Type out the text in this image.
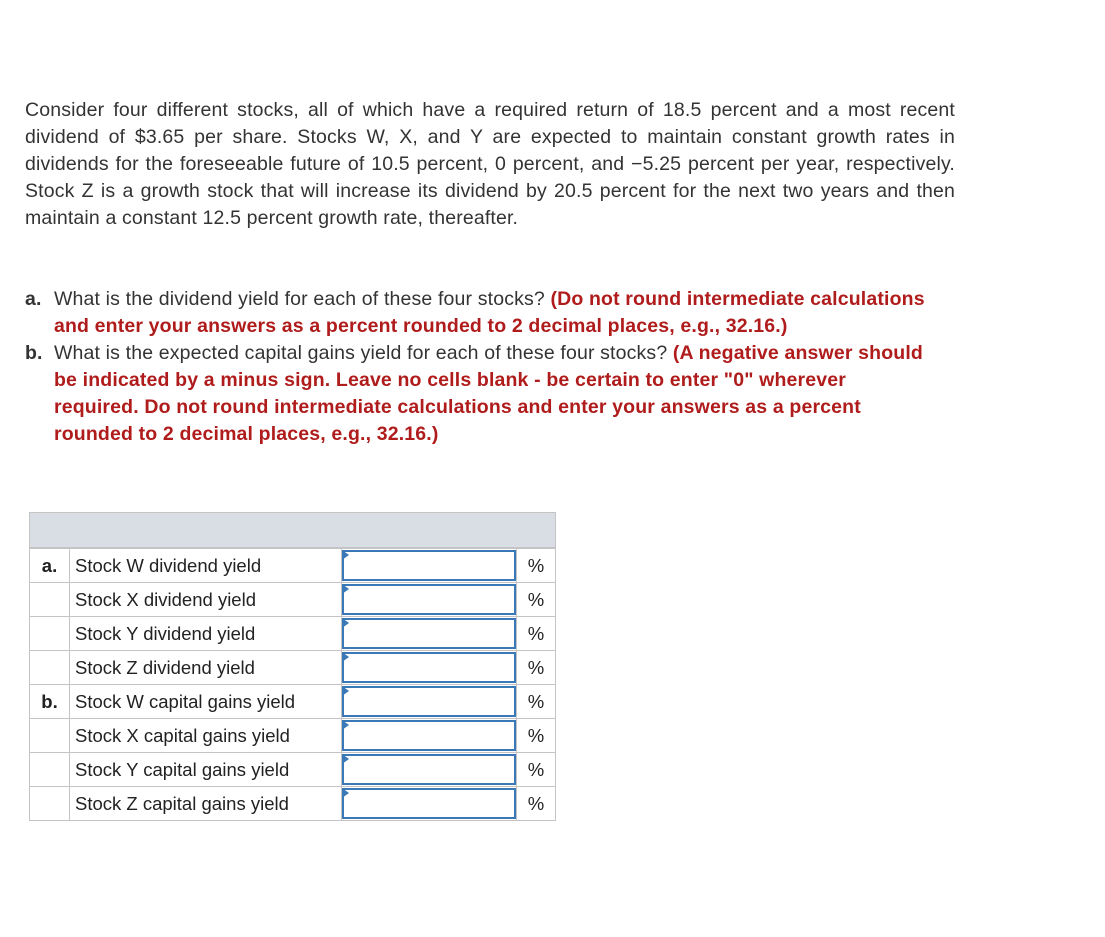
Consider four different stocks, all of which have a required return of 18.5 percent and a most recent dividend of $3.65 per share. Stocks W, X, and Y are expected to maintain constant growth rates in dividends for the foreseeable future of 10.5 percent, 0 percent, and −5.25 percent per year, respectively. Stock Z is a growth stock that will increase its dividend by 20.5 percent for the next two years and then maintain a constant 12.5 percent growth rate, thereafter.
a. What is the dividend yield for each of these four stocks? (Do not round intermediate calculations and enter your answers as a percent rounded to 2 decimal places, e.g., 32.16.)
b. What is the expected capital gains yield for each of these four stocks? (A negative answer should be indicated by a minus sign. Leave no cells blank - be certain to enter "0" wherever required. Do not round intermediate calculations and enter your answers as a percent rounded to 2 decimal places, e.g., 32.16.)

a.	Stock W dividend yield		%
	Stock X dividend yield		%
	Stock Y dividend yield		%
	Stock Z dividend yield		%
b.	Stock W capital gains yield		%
	Stock X capital gains yield		%
	Stock Y capital gains yield		%
	Stock Z capital gains yield		%
